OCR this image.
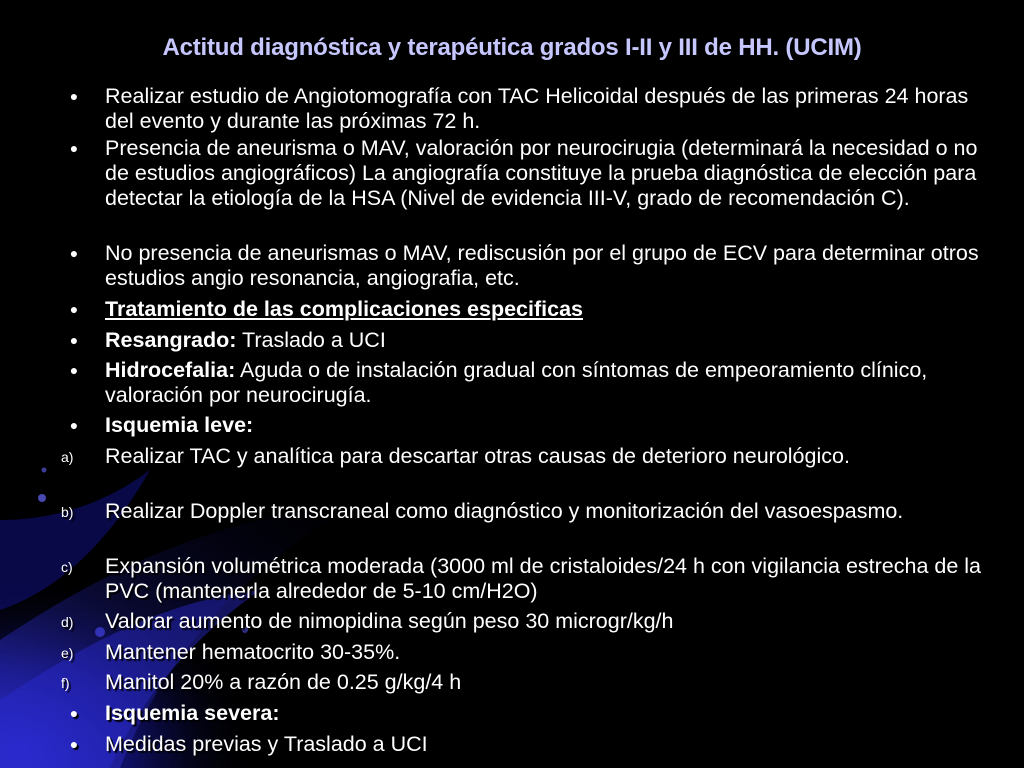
Actitud diagnóstica y terapéutica grados I-II y III de HH. (UCIM)
●	Realizar estudio de Angiotomografía con TAC Helicoidal después de las primeras 24 horas del evento y durante las próximas 72 h.
●	Presencia de aneurisma o MAV, valoración por neurocirugia (determinará la necesidad o no de estudios angiográficos) La angiografía constituye la prueba diagnóstica de elección para detectar la etiología de la HSA (Nivel de evidencia III-V, grado de recomendación C).
●	No presencia de aneurismas o MAV, rediscusión por el grupo de ECV para determinar otros estudios angio resonancia, angiografia, etc.
●	Tratamiento de las complicaciones especificas
●	Resangrado: Traslado a UCI
●	Hidrocefalia: Aguda o de instalación gradual con síntomas de empeoramiento clínico, valoración por neurocirugía.
●	Isquemia leve:
a)	Realizar TAC y analítica para descartar otras causas de deterioro neurológico.
b)	Realizar Doppler transcraneal como diagnóstico y monitorización del vasoespasmo.
c)	Expansión volumétrica moderada (3000 ml de cristaloides/24 h con vigilancia estrecha de la PVC (mantenerla alrededor de 5-10 cm/H2O)
d)	Valorar aumento de nimopidina según peso 30 microgr/kg/h
e)	Mantener hematocrito 30-35%.
f)	Manitol 20% a razón de 0.25 g/kg/4 h
●	Isquemia severa:
●	Medidas previas y Traslado a UCI
